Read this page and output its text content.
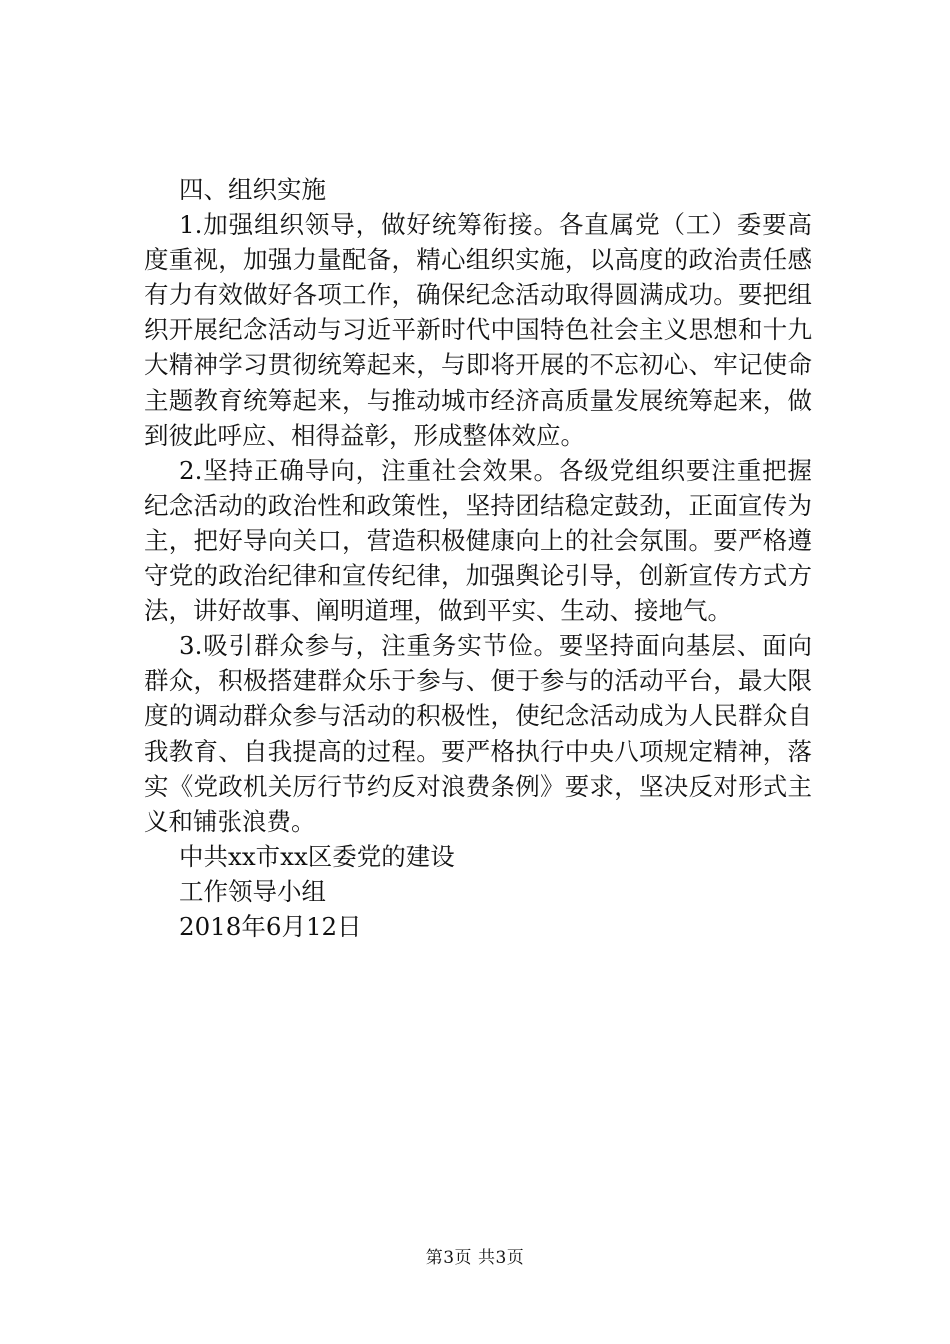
四、组织实施

1.加强组织领导，做好统筹衔接。各直属党（工）委要高度重视，加强力量配备，精心组织实施，以高度的政治责任感有力有效做好各项工作，确保纪念活动取得圆满成功。要把组织开展纪念活动与习近平新时代中国特色社会主义思想和十九大精神学习贯彻统筹起来，与即将开展的不忘初心、牢记使命主题教育统筹起来，与推动城市经济高质量发展统筹起来，做到彼此呼应、相得益彰，形成整体效应。

2.坚持正确导向，注重社会效果。各级党组织要注重把握纪念活动的政治性和政策性，坚持团结稳定鼓劲，正面宣传为主，把好导向关口，营造积极健康向上的社会氛围。要严格遵守党的政治纪律和宣传纪律，加强舆论引导，创新宣传方式方法，讲好故事、阐明道理，做到平实、生动、接地气。

3.吸引群众参与，注重务实节俭。要坚持面向基层、面向群众，积极搭建群众乐于参与、便于参与的活动平台，最大限度的调动群众参与活动的积极性，使纪念活动成为人民群众自我教育、自我提高的过程。要严格执行中央八项规定精神，落实《党政机关厉行节约反对浪费条例》要求，坚决反对形式主义和铺张浪费。

中共xx市xx区委党的建设

工作领导小组

2018年6月12日

第3页 共3页
